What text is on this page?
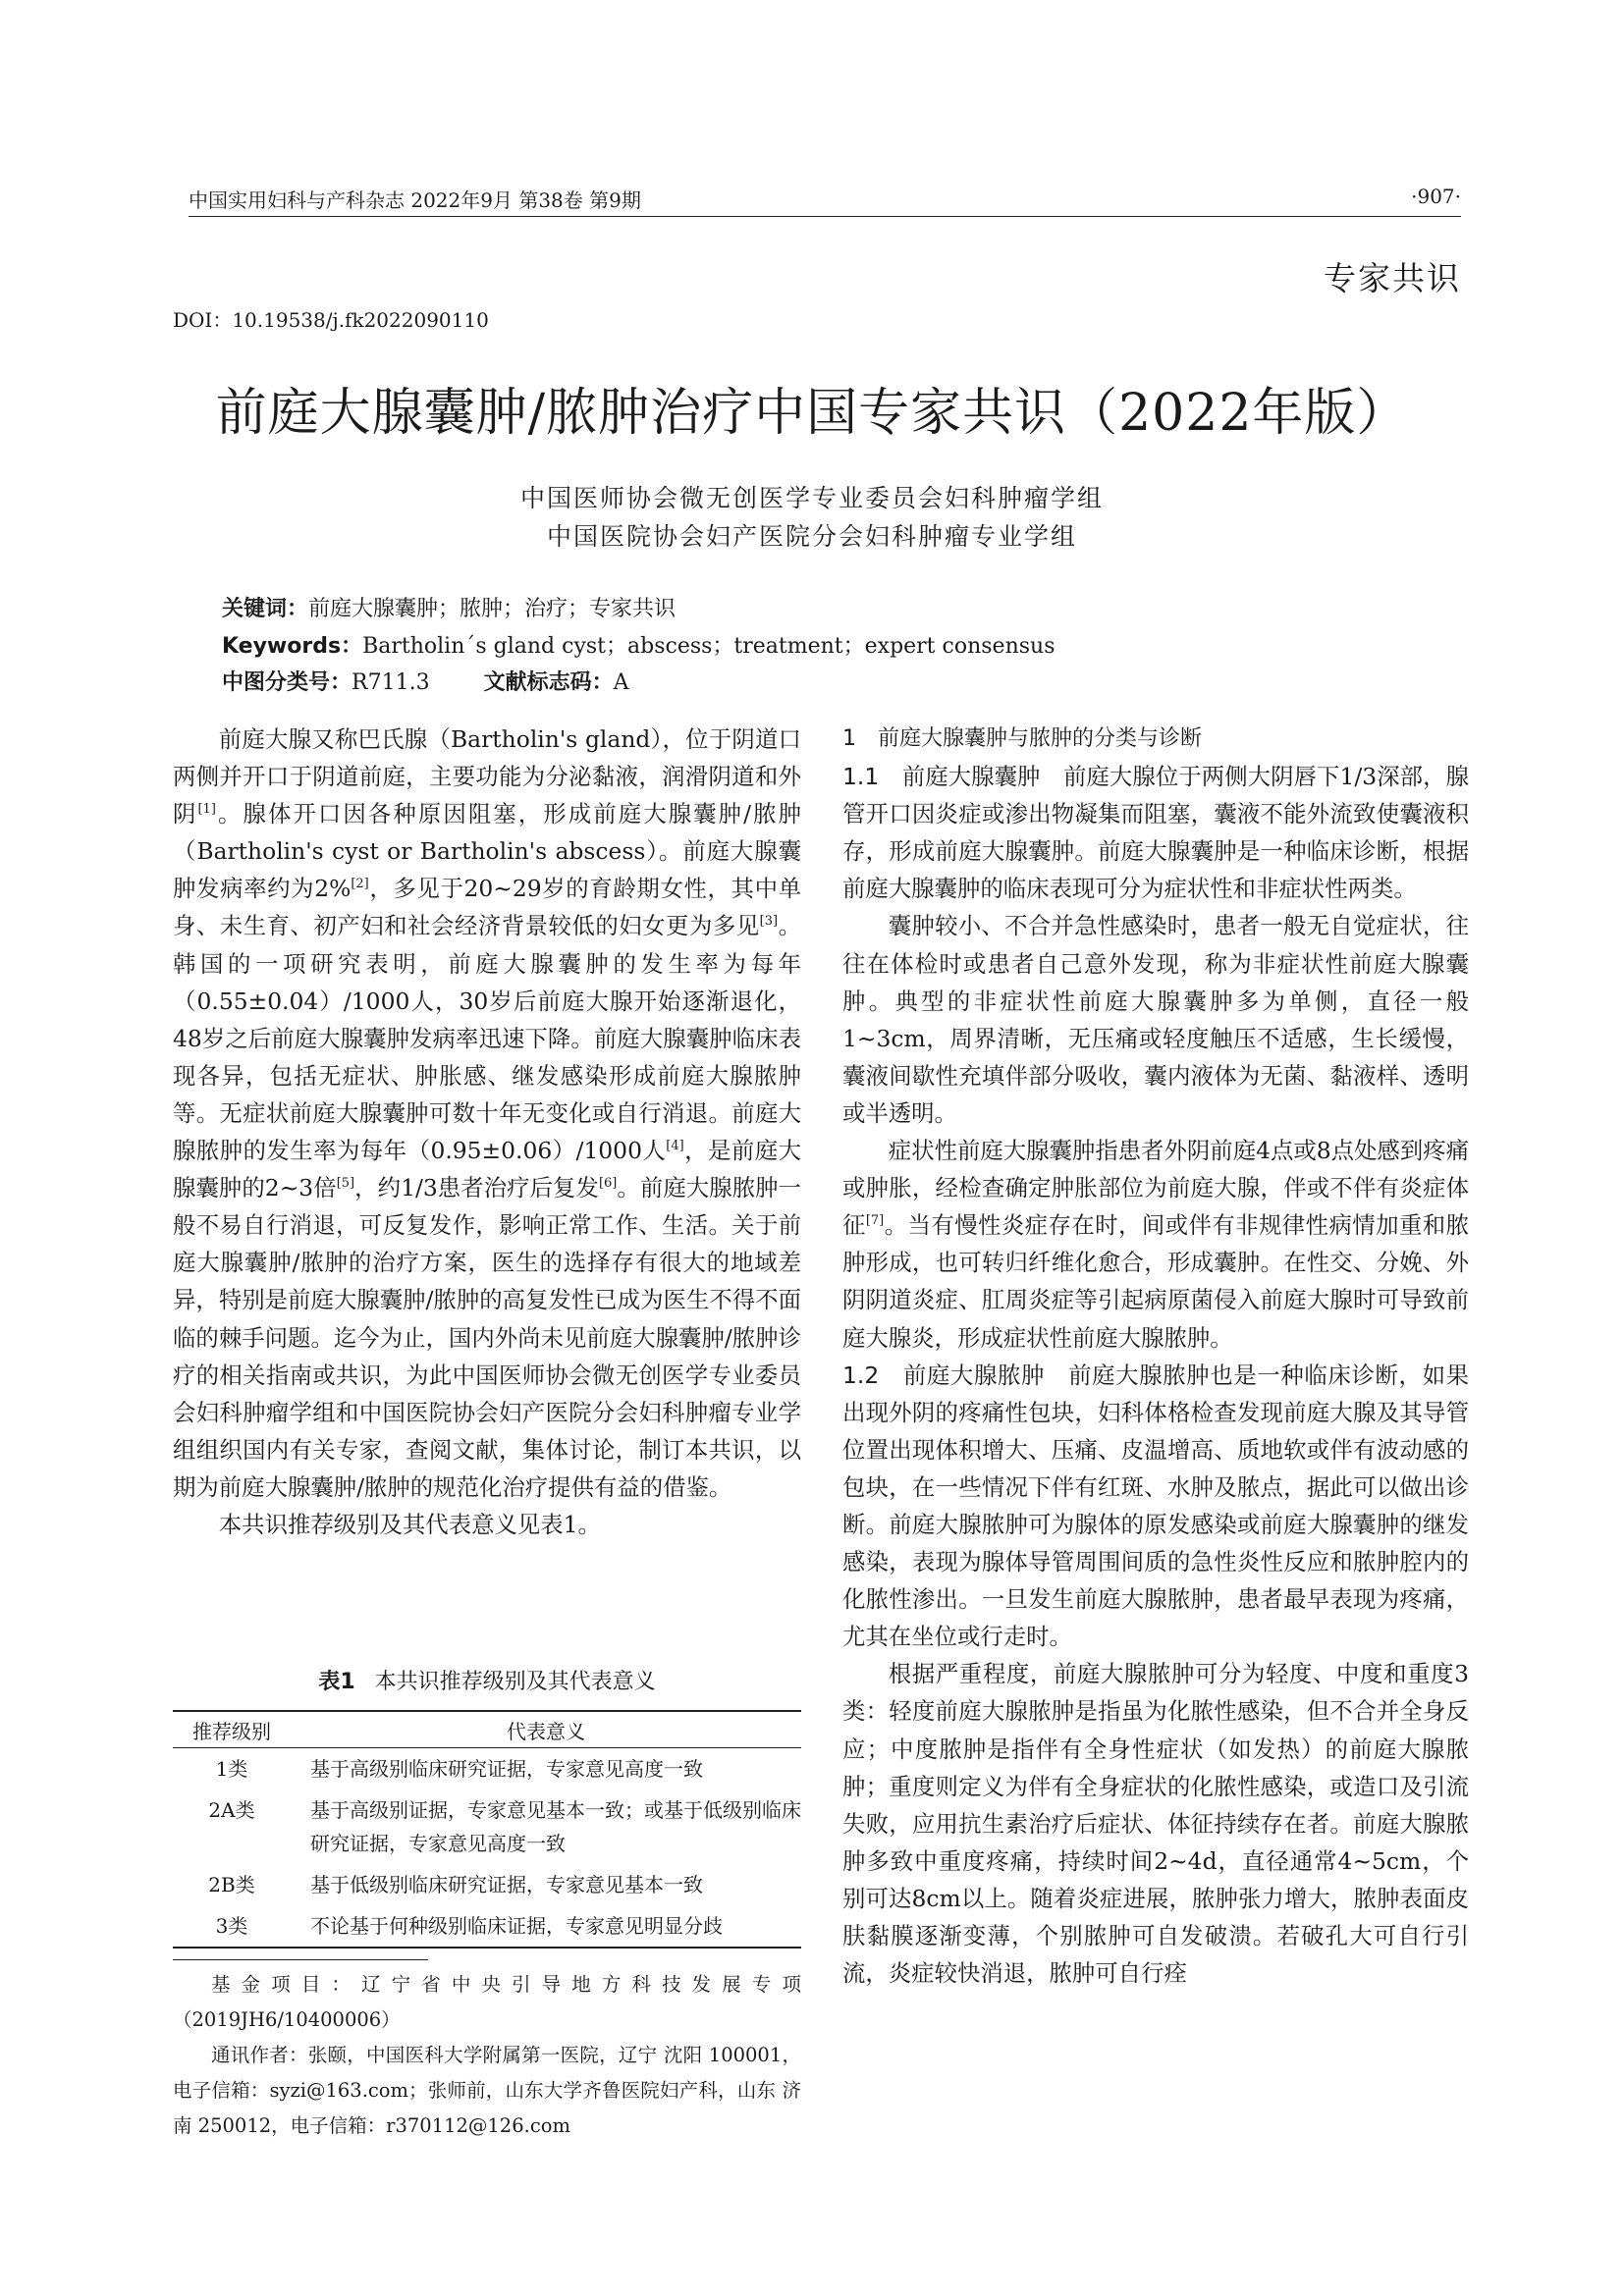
中国实用妇科与产科杂志 2022年9月 第38卷 第9期	·907·
专家共识
DOI：10.19538/j.fk2022090110
前庭大腺囊肿/脓肿治疗中国专家共识（2022年版）
中国医师协会微无创医学专业委员会妇科肿瘤学组
中国医院协会妇产医院分会妇科肿瘤专业学组
关键词：前庭大腺囊肿；脓肿；治疗；专家共识
Keywords：Bartholin´s gland cyst；abscess；treatment；expert consensus
中图分类号：R711.3	文献标志码：A

前庭大腺又称巴氏腺（Bartholin's gland），位于阴道口两侧并开口于阴道前庭，主要功能为分泌黏液，润滑阴道和外阴[1]。腺体开口因各种原因阻塞，形成前庭大腺囊肿/脓肿（Bartholin's cyst or Bartholin's abscess）。前庭大腺囊肿发病率约为2%[2]，多见于20~29岁的育龄期女性，其中单身、未生育、初产妇和社会经济背景较低的妇女更为多见[3]。韩国的一项研究表明，前庭大腺囊肿的发生率为每年（0.55±0.04）/1000人，30岁后前庭大腺开始逐渐退化，48岁之后前庭大腺囊肿发病率迅速下降。前庭大腺囊肿临床表现各异，包括无症状、肿胀感、继发感染形成前庭大腺脓肿等。无症状前庭大腺囊肿可数十年无变化或自行消退。前庭大腺脓肿的发生率为每年（0.95±0.06）/1000人[4]，是前庭大腺囊肿的2~3倍[5]，约1/3患者治疗后复发[6]。前庭大腺脓肿一般不易自行消退，可反复发作，影响正常工作、生活。关于前庭大腺囊肿/脓肿的治疗方案，医生的选择存有很大的地域差异，特别是前庭大腺囊肿/脓肿的高复发性已成为医生不得不面临的棘手问题。迄今为止，国内外尚未见前庭大腺囊肿/脓肿诊疗的相关指南或共识，为此中国医师协会微无创医学专业委员会妇科肿瘤学组和中国医院协会妇产医院分会妇科肿瘤专业学组组织国内有关专家，查阅文献，集体讨论，制订本共识，以期为前庭大腺囊肿/脓肿的规范化治疗提供有益的借鉴。

本共识推荐级别及其代表意义见表1。

表1 本共识推荐级别及其代表意义
推荐级别	代表意义
1类	基于高级别临床研究证据，专家意见高度一致
2A类	基于高级别证据，专家意见基本一致；或基于低级别临床研究证据，专家意见高度一致
2B类	基于低级别临床研究证据，专家意见基本一致
3类	不论基于何种级别临床证据，专家意见明显分歧

基金项目：辽宁省中央引导地方科技发展专项（2019JH6/10400006）

通讯作者：张颐，中国医科大学附属第一医院，辽宁 沈阳 100001，电子信箱：syzi@163.com；张师前，山东大学齐鲁医院妇产科，山东 济南 250012，电子信箱：r370112@126.com

1　前庭大腺囊肿与脓肿的分类与诊断

1.1　前庭大腺囊肿　 前庭大腺位于两侧大阴唇下1/3深部，腺管开口因炎症或渗出物凝集而阻塞，囊液不能外流致使囊液积存，形成前庭大腺囊肿。前庭大腺囊肿是一种临床诊断，根据前庭大腺囊肿的临床表现可分为症状性和非症状性两类。

囊肿较小、不合并急性感染时，患者一般无自觉症状，往往在体检时或患者自己意外发现，称为非症状性前庭大腺囊肿。典型的非症状性前庭大腺囊肿多为单侧，直径一般1~3cm，周界清晰，无压痛或轻度触压不适感，生长缓慢，囊液间歇性充填伴部分吸收，囊内液体为无菌、黏液样、透明或半透明。

症状性前庭大腺囊肿指患者外阴前庭4点或8点处感到疼痛或肿胀，经检查确定肿胀部位为前庭大腺，伴或不伴有炎症体征[7]。当有慢性炎症存在时，间或伴有非规律性病情加重和脓肿形成，也可转归纤维化愈合，形成囊肿。在性交、分娩、外阴阴道炎症、肛周炎症等引起病原菌侵入前庭大腺时可导致前庭大腺炎，形成症状性前庭大腺脓肿。

1.2　前庭大腺脓肿　 前庭大腺脓肿也是一种临床诊断，如果出现外阴的疼痛性包块，妇科体格检查发现前庭大腺及其导管位置出现体积增大、压痛、皮温增高、质地软或伴有波动感的包块，在一些情况下伴有红斑、水肿及脓点，据此可以做出诊断。前庭大腺脓肿可为腺体的原发感染或前庭大腺囊肿的继发感染，表现为腺体导管周围间质的急性炎性反应和脓肿腔内的化脓性渗出。一旦发生前庭大腺脓肿，患者最早表现为疼痛，尤其在坐位或行走时。

根据严重程度，前庭大腺脓肿可分为轻度、中度和重度3类：轻度前庭大腺脓肿是指虽为化脓性感染，但不合并全身反应；中度脓肿是指伴有全身性症状（如发热）的前庭大腺脓肿；重度则定义为伴有全身症状的化脓性感染，或造口及引流失败，应用抗生素治疗后症状、体征持续存在者。前庭大腺脓肿多致中重度疼痛，持续时间2~4d，直径通常4~5cm，个别可达8cm以上。随着炎症进展，脓肿张力增大，脓肿表面皮肤黏膜逐渐变薄，个别脓肿可自发破溃。若破孔大可自行引流，炎症较快消退，脓肿可自行痊
